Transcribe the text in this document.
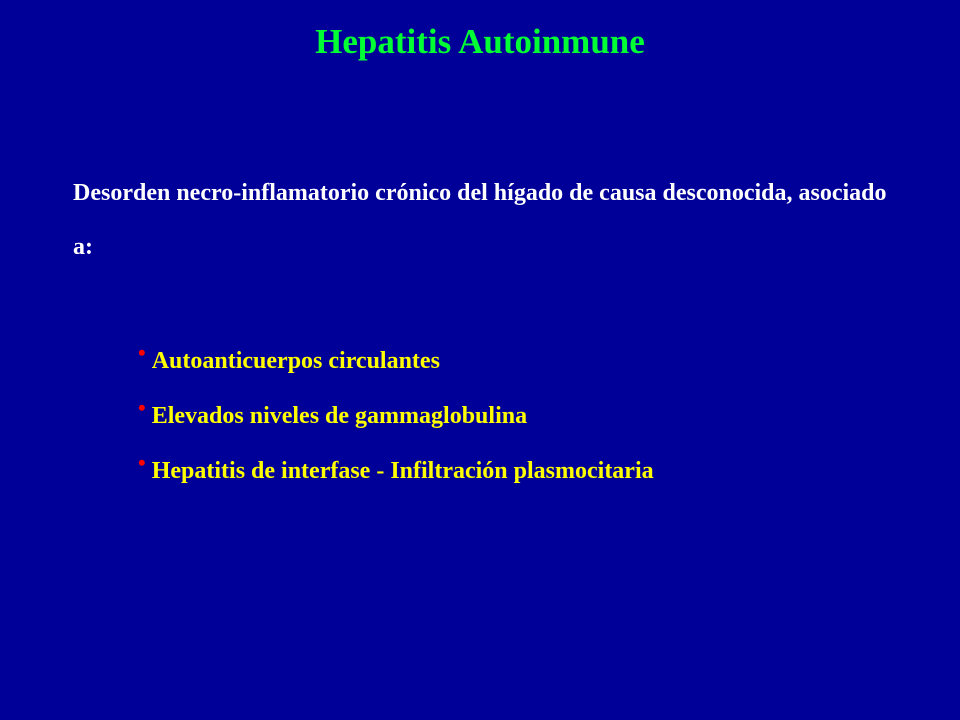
Hepatitis Autoinmune
Desorden necro-inflamatorio crónico del hígado de causa desconocida, asociado a:
• Autoanticuerpos circulantes
• Elevados niveles de gammaglobulina
• Hepatitis de interfase - Infiltración plasmocitaria
